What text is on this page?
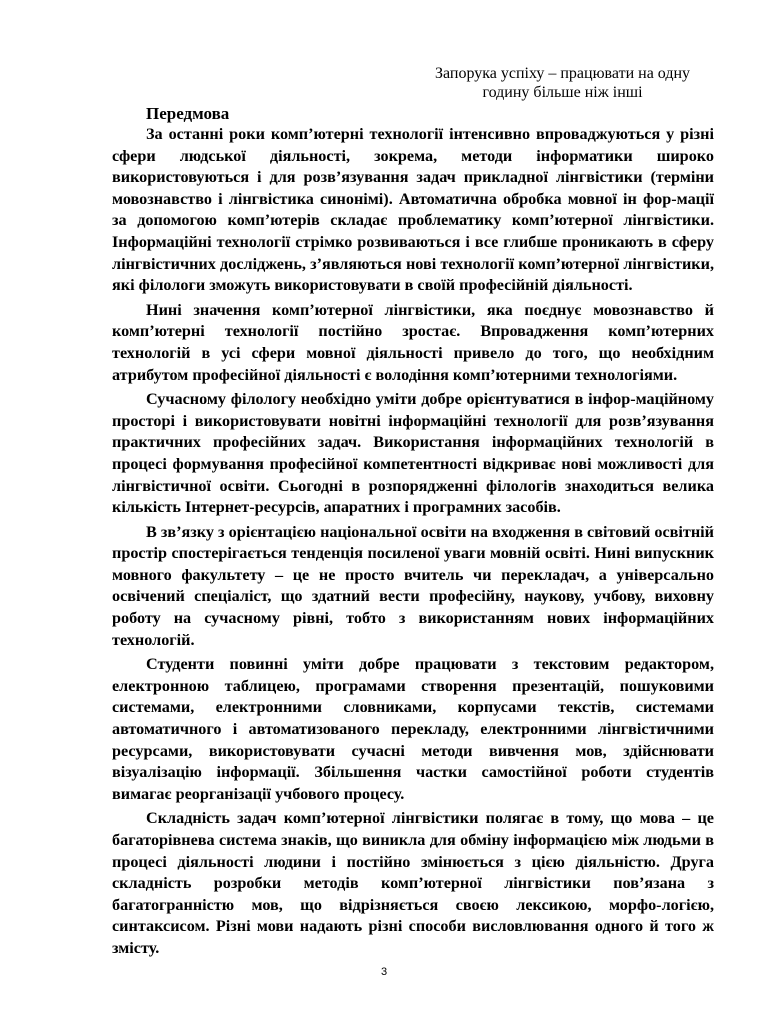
Запорука успіху – працювати на одну годину більше ніж інші
Передмова

За останні роки комп’ютерні технології інтенсивно впроваджуються у різні сфери людської діяльності, зокрема, методи інформатики широко використовуються і для розв’язування задач прикладної лінгвістики (терміни мовознавство і лінгвістика синонімі). Автоматична обробка мовної ін фор-мації за допомогою комп’ютерів складає проблематику комп’ютерної лінгвістики. Інформаційні технології стрімко розвиваються і все глибше проникають в сферу лінгвістичних досліджень, з’являються нові технології комп’ютерної лінгвістики, які філологи зможуть використовувати в своїй професійній діяльності.

Нині значення комп’ютерної лінгвістики, яка поєднує мовознавство й комп’ютерні технології постійно зростає. Впровадження комп’ютерних технологій в усі сфери мовної діяльності привело до того, що необхідним атрибутом професійної діяльності є володіння комп’ютерними технологіями.

Сучасному філологу необхідно уміти добре орієнтуватися в інфор-маційному просторі і використовувати новітні інформаційні технології для розв’язування практичних професійних задач. Використання інформаційних технологій в процесі формування професійної компетентності відкриває нові можливості для лінгвістичної освіти. Сьогодні в розпорядженні філологів знаходиться велика кількість Інтернет-ресурсів, апаратних і програмних засобів.

В зв’язку з орієнтацією національної освіти на входження в світовий освітній простір спостерігається тенденція посиленої уваги мовній освіті. Нині випускник мовного факультету – це не просто вчитель чи перекладач, а універсально освічений спеціаліст, що здатний вести професійну, наукову, учбову, виховну роботу на сучасному рівні, тобто з використанням нових інформаційних технологій.

Студенти повинні уміти добре працювати з текстовим редактором, електронною таблицею, програмами створення презентацій, пошуковими системами, електронними словниками, корпусами текстів, системами автоматичного і автоматизованого перекладу, електронними лінгвістичними ресурсами, використовувати сучасні методи вивчення мов, здійснювати візуалізацію інформації. Збільшення частки самостійної роботи студентів вимагає реорганізації учбового процесу.

Складність задач комп’ютерної лінгвістики полягає в тому, що мова – це багаторівнева система знаків, що виникла для обміну інформацією між людьми в процесі діяльності людини і постійно змінюється з цією діяльністю. Друга складність розробки методів комп’ютерної лінгвістики пов’язана з багатогранністю мов, що відрізняється своєю лексикою, морфо-логією, синтаксисом. Різні мови надають різні способи висловлювання одного й того ж змісту.

3
